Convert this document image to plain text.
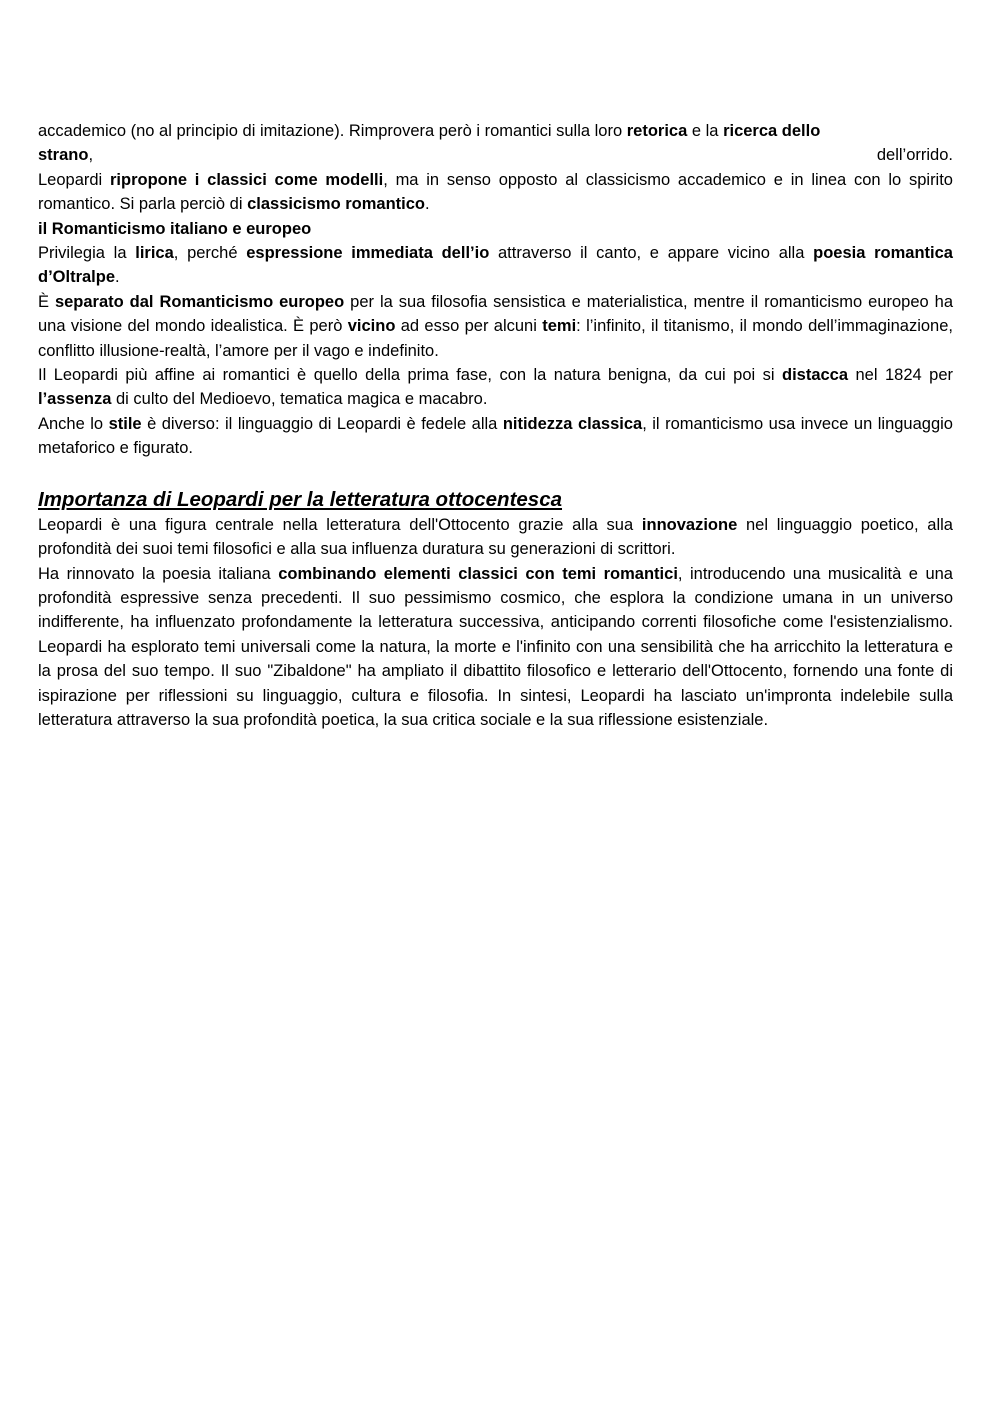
accademico (no al principio di imitazione). Rimprovera però i romantici sulla loro retorica e la ricerca dello

strano,	dell’orrido.

Leopardi ripropone i classici come modelli, ma in senso opposto al classicismo accademico e in linea con lo spirito romantico. Si parla perciò di classicismo romantico.

il Romanticismo italiano e europeo

Privilegia la lirica, perché espressione immediata dell’io attraverso il canto, e appare vicino alla poesia romantica d’Oltralpe.

È separato dal Romanticismo europeo per la sua filosofia sensistica e materialistica, mentre il romanticismo europeo ha una visione del mondo idealistica. È però vicino ad esso per alcuni temi: l’infinito, il titanismo, il mondo dell’immaginazione, conflitto illusione-realtà, l’amore per il vago e indefinito.

Il Leopardi più affine ai romantici è quello della prima fase, con la natura benigna, da cui poi si distacca nel 1824 per l’assenza di culto del Medioevo, tematica magica e macabro.

Anche lo stile è diverso: il linguaggio di Leopardi è fedele alla nitidezza classica, il romanticismo usa invece un linguaggio metaforico e figurato.

Importanza di Leopardi per la letteratura ottocentesca

Leopardi è una figura centrale nella letteratura dell'Ottocento grazie alla sua innovazione nel linguaggio poetico, alla profondità dei suoi temi filosofici e alla sua influenza duratura su generazioni di scrittori.

Ha rinnovato la poesia italiana combinando elementi classici con temi romantici, introducendo una musicalità e una profondità espressive senza precedenti. Il suo pessimismo cosmico, che esplora la condizione umana in un universo indifferente, ha influenzato profondamente la letteratura successiva, anticipando correnti filosofiche come l'esistenzialismo. Leopardi ha esplorato temi universali come la natura, la morte e l'infinito con una sensibilità che ha arricchito la letteratura e la prosa del suo tempo. Il suo "Zibaldone" ha ampliato il dibattito filosofico e letterario dell'Ottocento, fornendo una fonte di ispirazione per riflessioni su linguaggio, cultura e filosofia. In sintesi, Leopardi ha lasciato un'impronta indelebile sulla letteratura attraverso la sua profondità poetica, la sua critica sociale e la sua riflessione esistenziale.
